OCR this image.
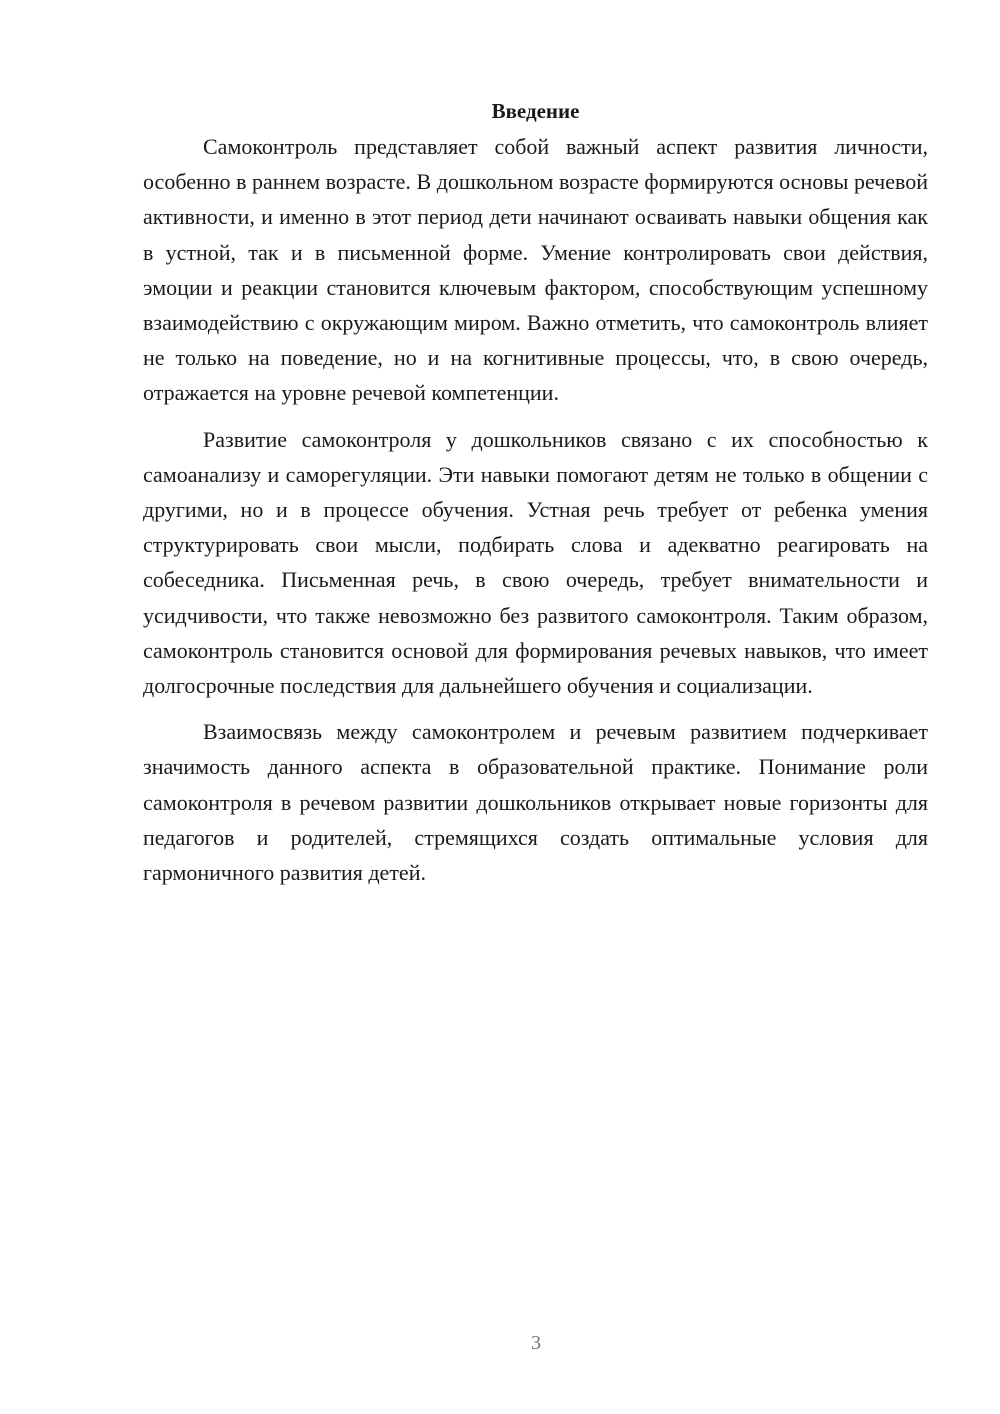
Введение

Самоконтроль представляет собой важный аспект развития личности, особенно в раннем возрасте. В дошкольном возрасте формируются основы речевой активности, и именно в этот период дети начинают осваивать навыки общения как в устной, так и в письменной форме. Умение контролировать свои действия, эмоции и реакции становится ключевым фактором, способствующим успешному взаимодействию с окружающим миром. Важно отметить, что самоконтроль влияет не только на поведение, но и на когнитивные процессы, что, в свою очередь, отражается на уровне речевой компетенции.

Развитие самоконтроля у дошкольников связано с их способностью к самоанализу и саморегуляции. Эти навыки помогают детям не только в общении с другими, но и в процессе обучения. Устная речь требует от ребенка умения структурировать свои мысли, подбирать слова и адекватно реагировать на собеседника. Письменная речь, в свою очередь, требует внимательности и усидчивости, что также невозможно без развитого самоконтроля. Таким образом, самоконтроль становится основой для формирования речевых навыков, что имеет долгосрочные последствия для дальнейшего обучения и социализации.

Взаимосвязь между самоконтролем и речевым развитием подчеркивает значимость данного аспекта в образовательной практике. Понимание роли самоконтроля в речевом развитии дошкольников открывает новые горизонты для педагогов и родителей, стремящихся создать оптимальные условия для гармоничного развития детей.

3
